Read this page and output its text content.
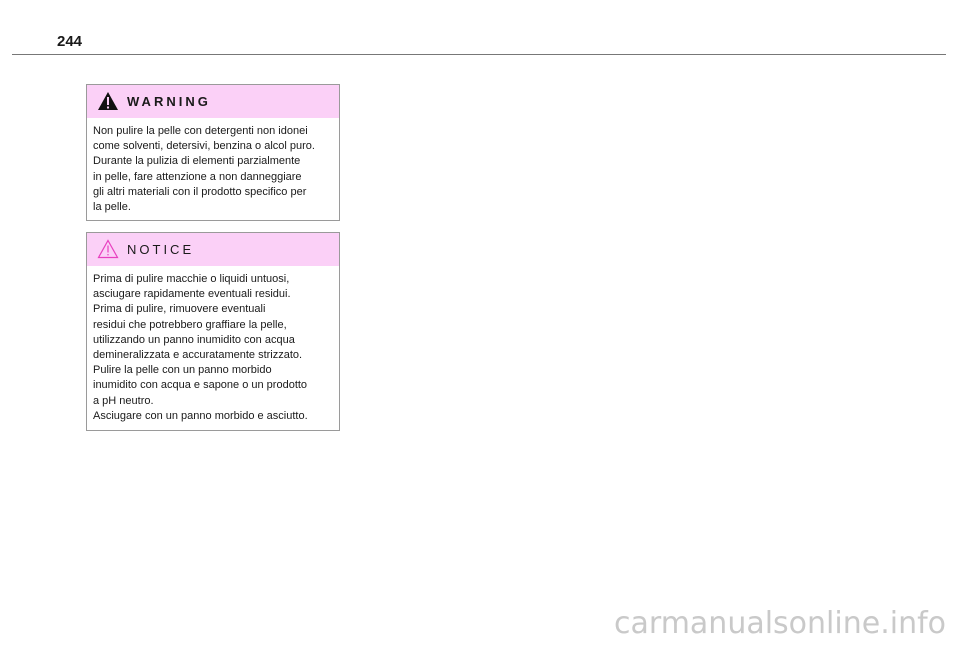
244
WARNING
Non pulire la pelle con detergenti non idonei
come solventi, detersivi, benzina o alcol puro.
Durante la pulizia di elementi parzialmente
in pelle, fare attenzione a non danneggiare
gli altri materiali con il prodotto specifico per
la pelle.
NOTICE
Prima di pulire macchie o liquidi untuosi,
asciugare rapidamente eventuali residui.
Prima di pulire, rimuovere eventuali
residui che potrebbero graffiare la pelle,
utilizzando un panno inumidito con acqua
demineralizzata e accuratamente strizzato.
Pulire la pelle con un panno morbido
inumidito con acqua e sapone o un prodotto
a pH neutro.
Asciugare con un panno morbido e asciutto.
carmanualsonline.info
